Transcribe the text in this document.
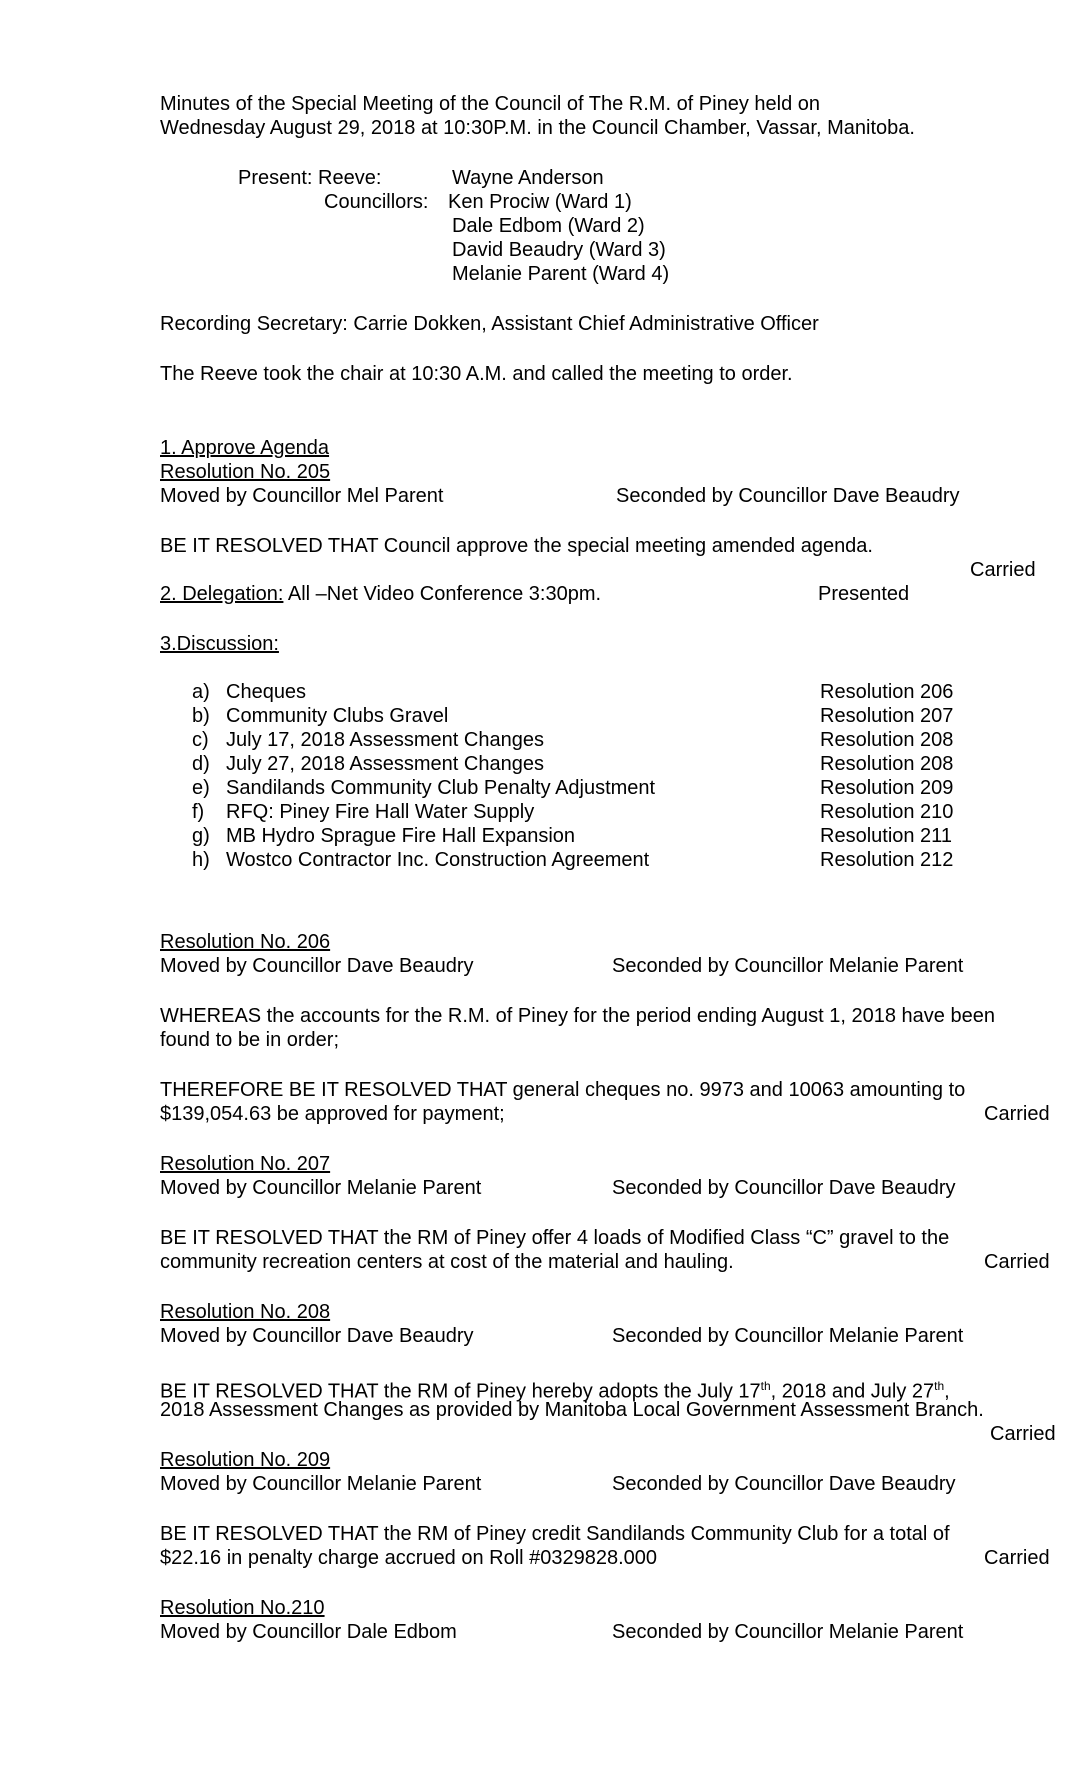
Minutes of the Special Meeting of the Council of The R.M. of Piney held on
Wednesday August 29, 2018 at 10:30P.M. in the Council Chamber, Vassar, Manitoba.
Present: Reeve:	Wayne Anderson
Councillors: Ken Prociw (Ward 1)
Dale Edbom (Ward 2)
David Beaudry (Ward 3)
Melanie Parent (Ward 4)
Recording Secretary: Carrie Dokken, Assistant Chief Administrative Officer
The Reeve took the chair at 10:30 A.M. and called the meeting to order.
1. Approve Agenda
Resolution No. 205
Moved by Councillor Mel Parent	Seconded by Councillor Dave Beaudry
BE IT RESOLVED THAT Council approve the special meeting amended agenda.
Carried
2. Delegation: All –Net Video Conference 3:30pm.	Presented
3.Discussion:
a) Cheques	Resolution 206
b) Community Clubs Gravel	Resolution 207
c) July 17, 2018 Assessment Changes	Resolution 208
d) July 27, 2018 Assessment Changes	Resolution 208
e) Sandilands Community Club Penalty Adjustment	Resolution 209
f) RFQ: Piney Fire Hall Water Supply	Resolution 210
g) MB Hydro Sprague Fire Hall Expansion	Resolution 211
h) Wostco Contractor Inc. Construction Agreement	Resolution 212
Resolution No. 206
Moved by Councillor Dave Beaudry	Seconded by Councillor Melanie Parent
WHEREAS the accounts for the R.M. of Piney for the period ending August 1, 2018 have been
found to be in order;
THEREFORE BE IT RESOLVED THAT general cheques no. 9973 and 10063 amounting to
$139,054.63 be approved for payment;	Carried
Resolution No. 207
Moved by Councillor Melanie Parent	Seconded by Councillor Dave Beaudry
BE IT RESOLVED THAT the RM of Piney offer 4 loads of Modified Class “C” gravel to the
community recreation centers at cost of the material and hauling.	Carried
Resolution No. 208
Moved by Councillor Dave Beaudry	Seconded by Councillor Melanie Parent
BE IT RESOLVED THAT the RM of Piney hereby adopts the July 17th, 2018 and July 27th,
2018 Assessment Changes as provided by Manitoba Local Government Assessment Branch.
Carried
Resolution No. 209
Moved by Councillor Melanie Parent	Seconded by Councillor Dave Beaudry
BE IT RESOLVED THAT the RM of Piney credit Sandilands Community Club for a total of
$22.16 in penalty charge accrued on Roll #0329828.000	Carried
Resolution No.210
Moved by Councillor Dale Edbom	Seconded by Councillor Melanie Parent
